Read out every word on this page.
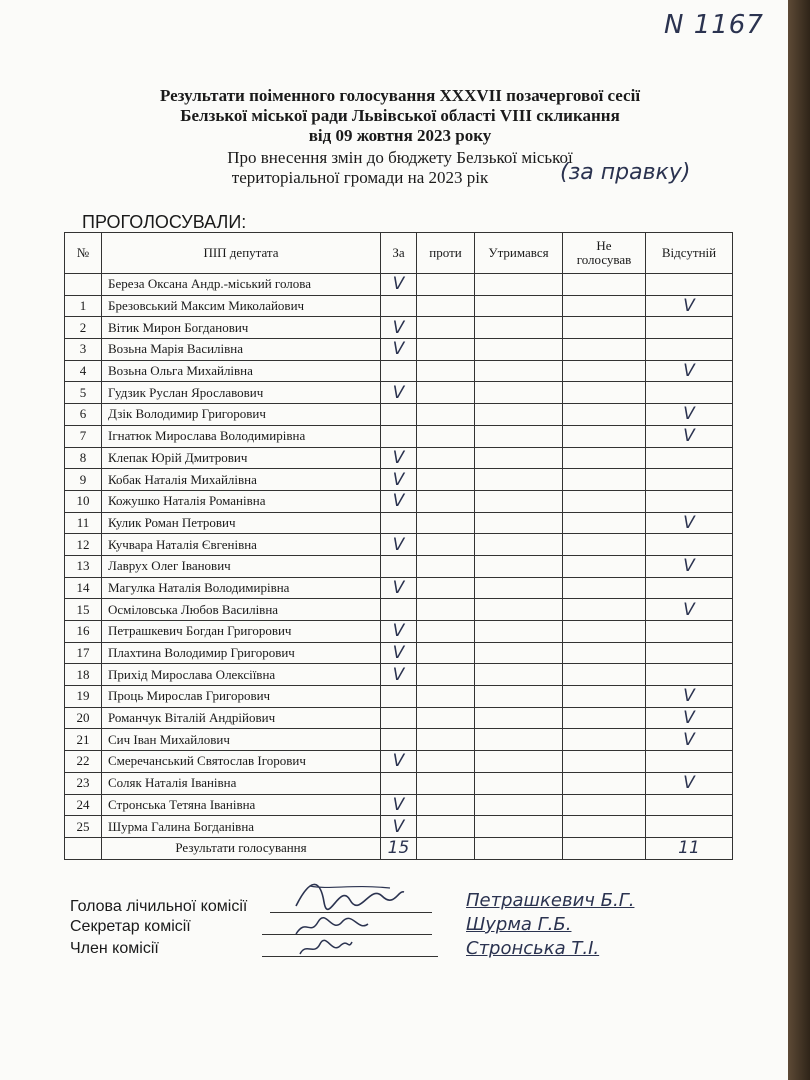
N 1167
Результати поіменного голосування XXXVII позачергової сесії
Белзької міської ради Львівської області VIII скликання
від 09 жовтня 2023 року
Про внесення змін до бюджету Белзької міської
територіальної громади на 2023 рік	(за правку)
ПРОГОЛОСУВАЛИ:
№	ПІП депутата	За	проти	Утримався	Не голосував	Відсутній
	Береза Оксана Андр.-міський голова	V				
1	Брезовський Максим Миколайович					V
2	Вітик Мирон Богданович	V				
3	Возьна Марія Василівна	V				
4	Возьна Ольга Михайлівна					V
5	Гудзик Руслан Ярославович	V				
6	Дзік Володимир Григорович					V
7	Ігнатюк Мирослава Володимирівна					V
8	Клепак Юрій Дмитрович	V				
9	Кобак Наталія Михайлівна	V				
10	Кожушко Наталія Романівна	V				
11	Кулик Роман Петрович					V
12	Кучвара Наталія Євгенівна	V				
13	Лаврух Олег Іванович					V
14	Магулка Наталія Володимирівна	V				
15	Осміловська Любов Василівна					V
16	Петрашкевич Богдан Григорович	V				
17	Плахтина Володимир Григорович	V				
18	Прихід Мирослава Олексіївна	V				
19	Проць Мирослав Григорович					V
20	Романчук Віталій Андрійович					V
21	Сич Іван Михайлович					V
22	Смеречанський Святослав Ігорович	V				
23	Соляк Наталія Іванівна					V
24	Стронська Тетяна Іванівна	V				
25	Шурма Галина Богданівна	V				
	Результати голосування	15				11
Голова лічильної комісії
Секретар комісії
Член комісії
Петрашкевич Б.Г.
Шурма Г.Б.
Стронська Т.І.
